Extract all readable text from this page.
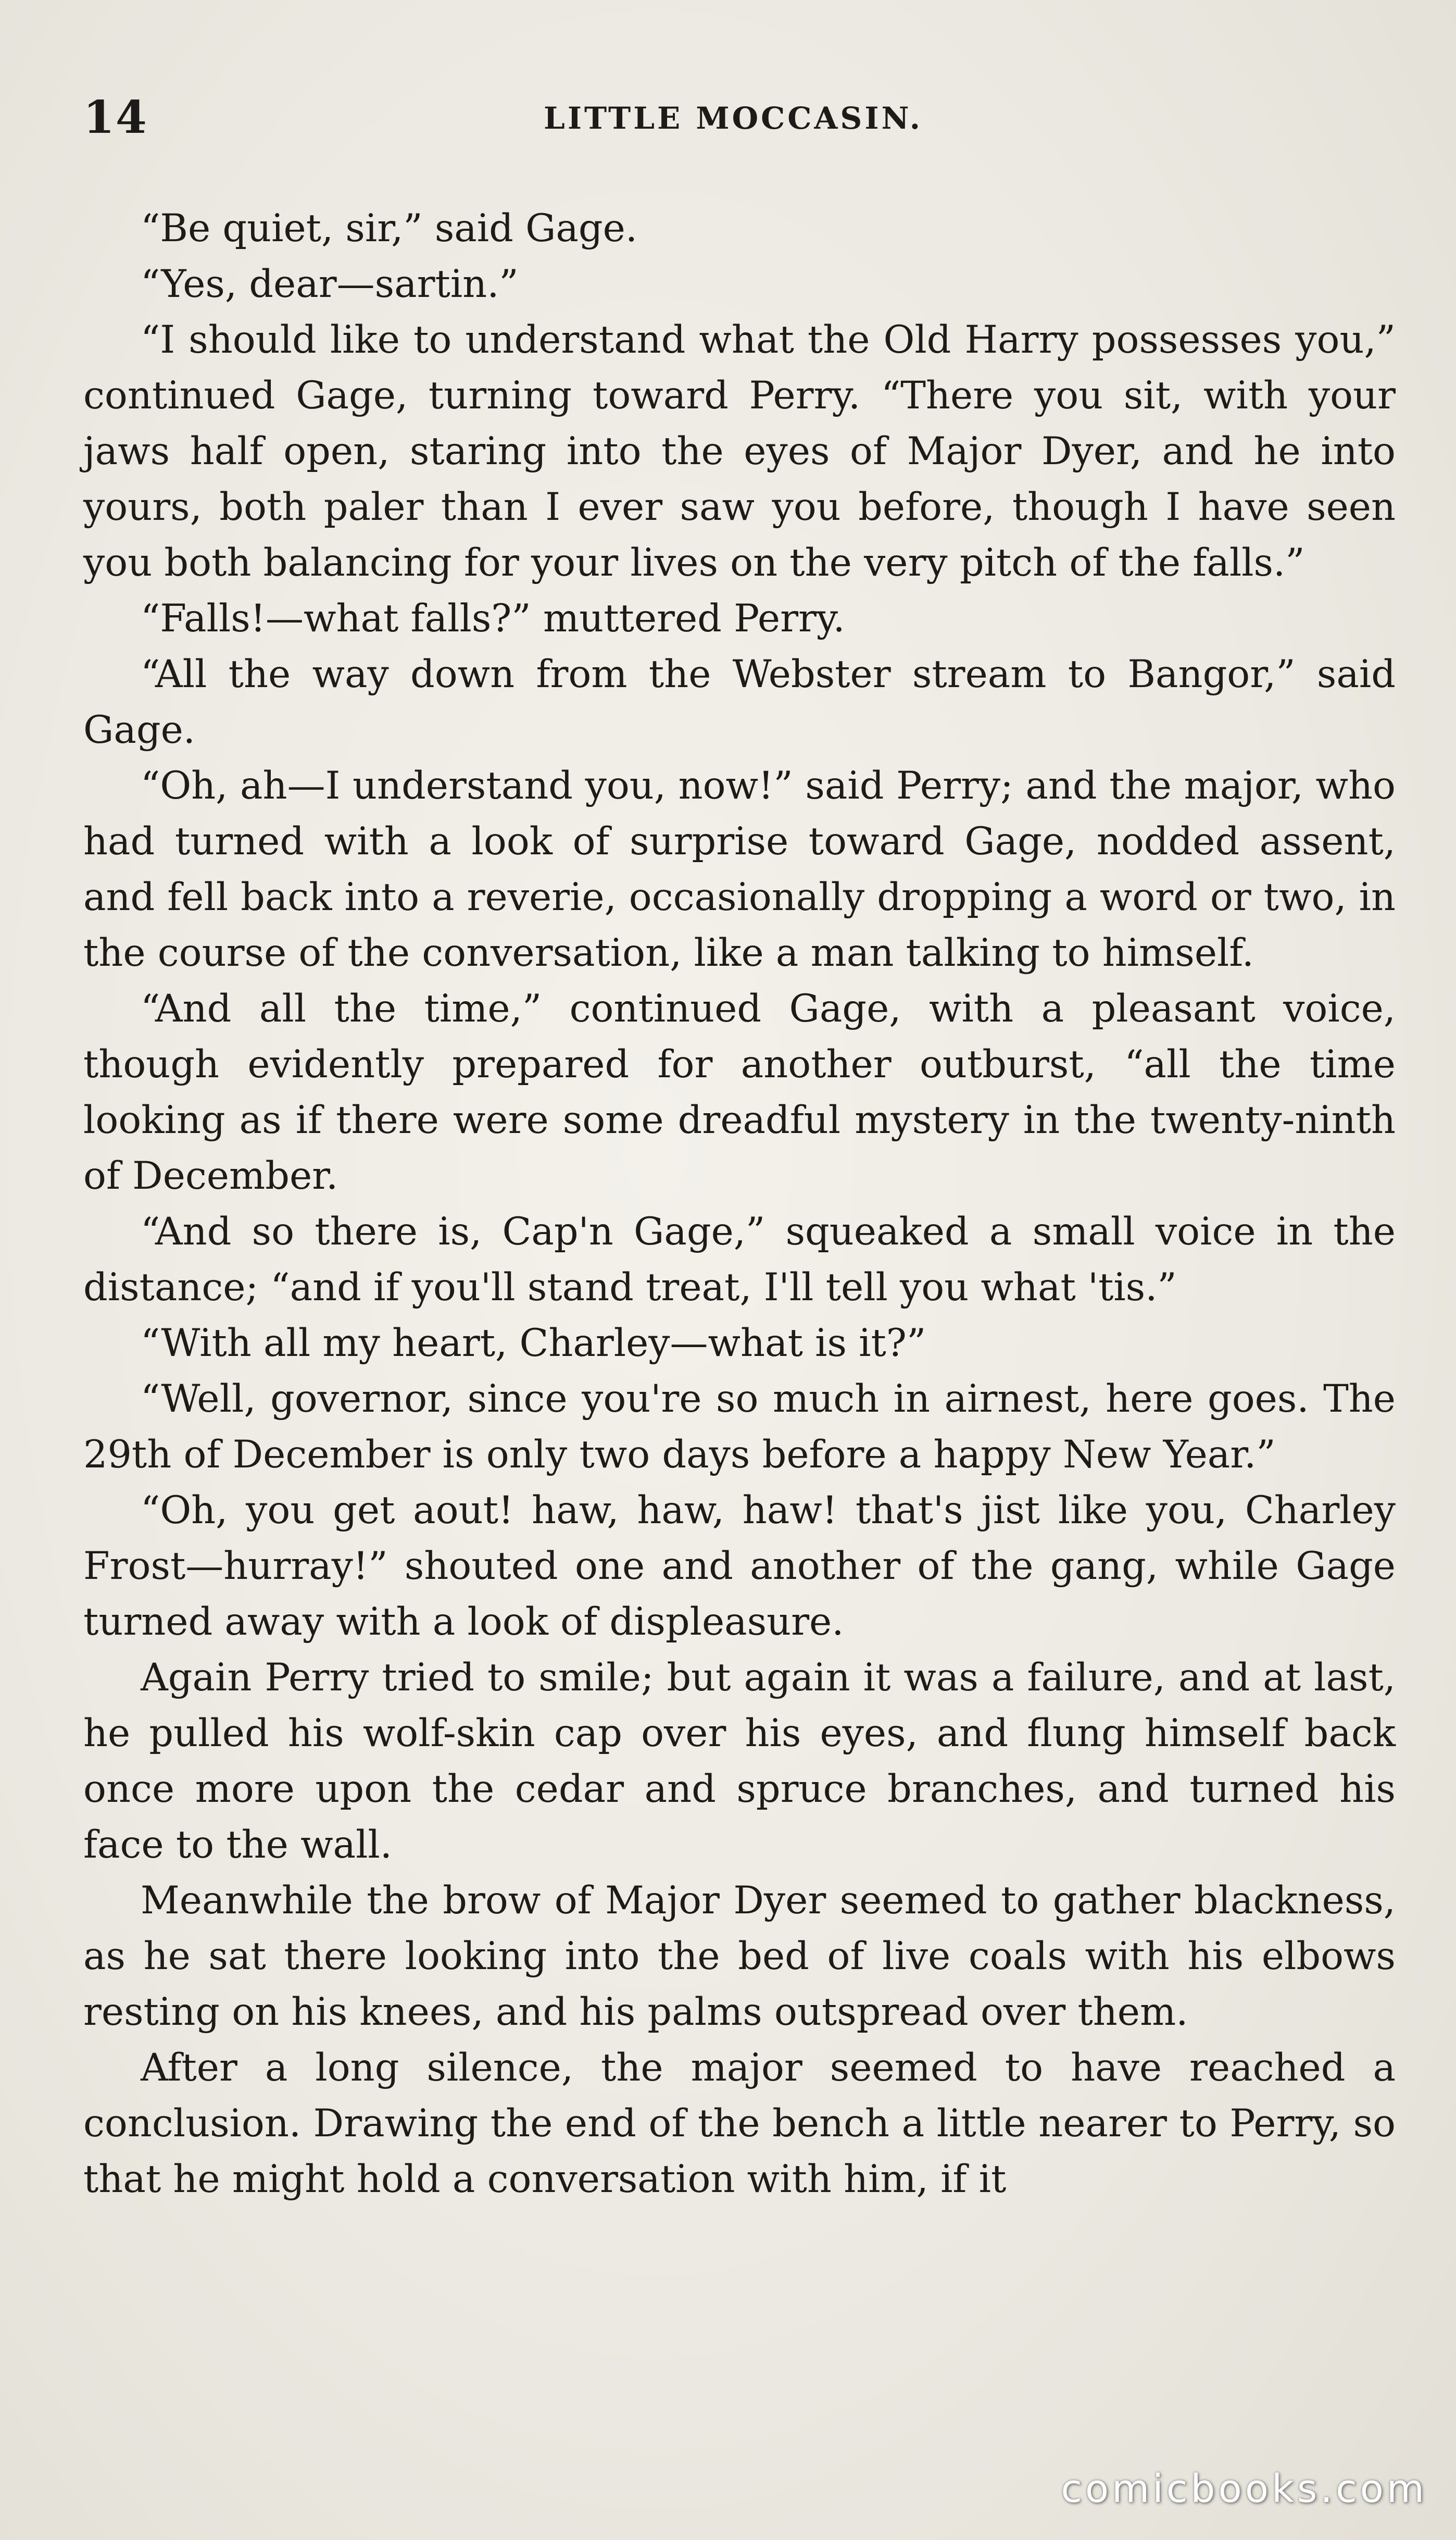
14	LITTLE MOCCASIN.

“Be quiet, sir,” said Gage.

“Yes, dear—sartin.”

“I should like to understand what the Old Harry possesses you,” continued Gage, turning toward Perry. “There you sit, with your jaws half open, staring into the eyes of Major Dyer, and he into yours, both paler than I ever saw you before, though I have seen you both balancing for your lives on the very pitch of the falls.”

“Falls!—what falls?” muttered Perry.

“All the way down from the Webster stream to Bangor,” said Gage.

“Oh, ah—I understand you, now!” said Perry; and the major, who had turned with a look of surprise toward Gage, nodded assent, and fell back into a reverie, occasionally dropping a word or two, in the course of the conversation, like a man talking to himself.

“And all the time,” continued Gage, with a pleasant voice, though evidently prepared for another outburst, “all the time looking as if there were some dreadful mystery in the twenty-ninth of December.

“And so there is, Cap'n Gage,” squeaked a small voice in the distance; “and if you'll stand treat, I'll tell you what 'tis.”

“With all my heart, Charley—what is it?”

“Well, governor, since you're so much in airnest, here goes. The 29th of December is only two days before a happy New Year.”

“Oh, you get aout! haw, haw, haw! that's jist like you, Charley Frost—hurray!” shouted one and another of the gang, while Gage turned away with a look of displeasure.

Again Perry tried to smile; but again it was a failure, and at last, he pulled his wolf-skin cap over his eyes, and flung himself back once more upon the cedar and spruce branches, and turned his face to the wall.

Meanwhile the brow of Major Dyer seemed to gather blackness, as he sat there looking into the bed of live coals with his elbows resting on his knees, and his palms outspread over them.

After a long silence, the major seemed to have reached a conclusion. Drawing the end of the bench a little nearer to Perry, so that he might hold a conversation with him, if it

comicbooks.com
